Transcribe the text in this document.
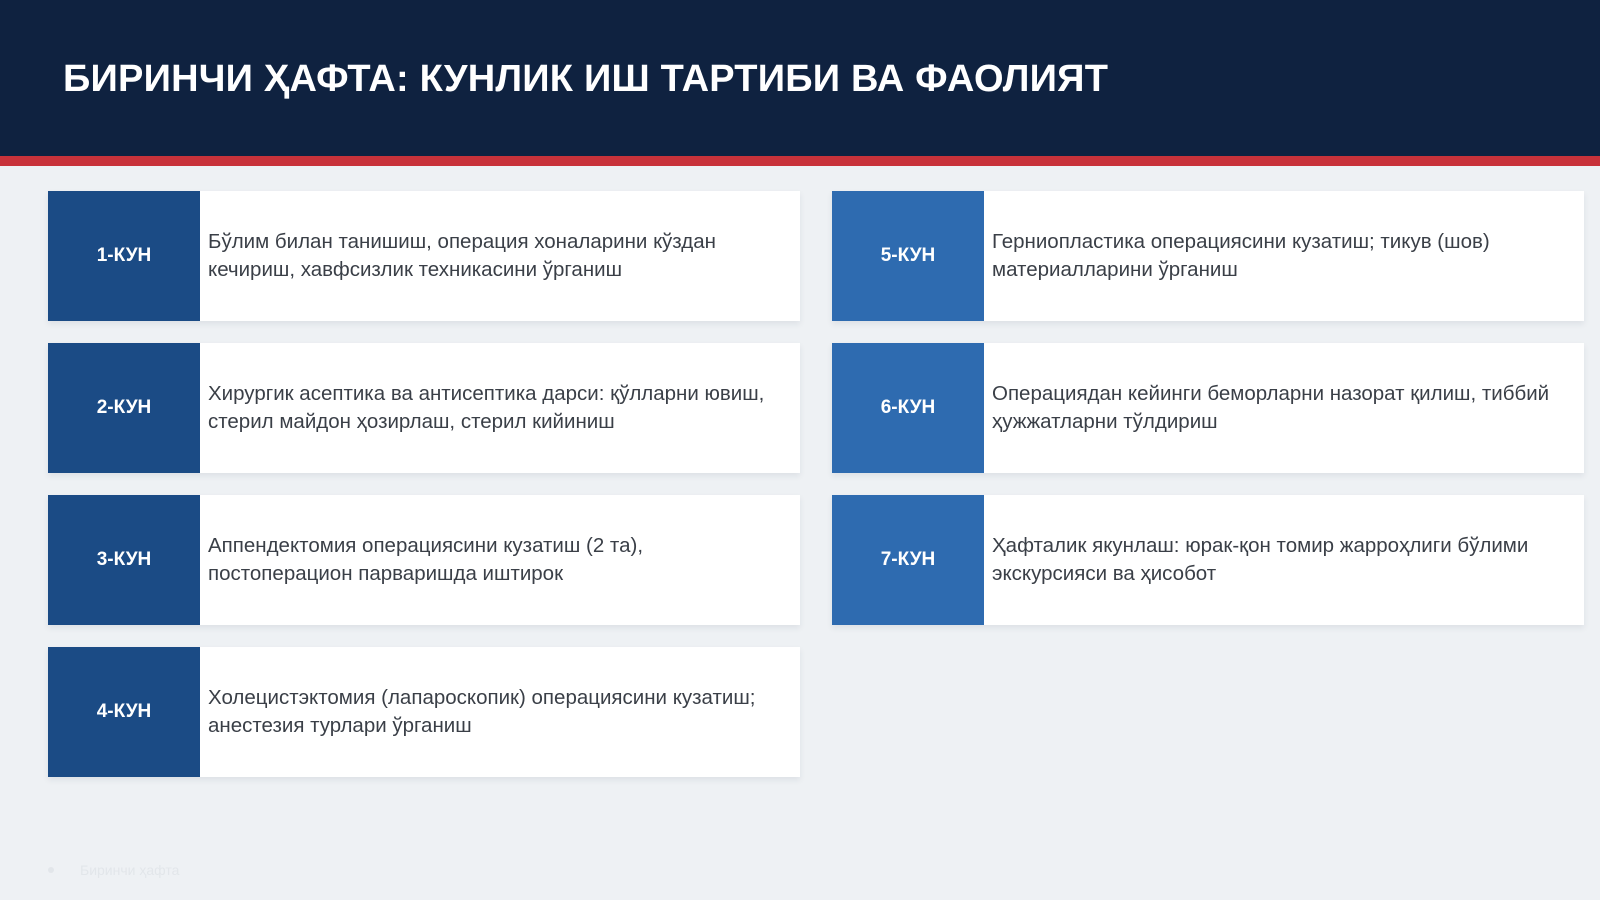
БИРИНЧИ ҲАФТА: КУНЛИК ИШ ТАРТИБИ ВА ФАОЛИЯТ
1-КУН
Бўлим билан танишиш, операция хоналарини кўздан кечириш, хавфсизлик техникасини ўрганиш
2-КУН
Хирургик асептика ва антисептика дарси: қўлларни ювиш, стерил майдон ҳозирлаш, стерил кийиниш
3-КУН
Аппендектомия операциясини кузатиш (2 та), постоперацион парваришда иштирок
4-КУН
Холецистэктомия (лапароскопик) операциясини кузатиш; анестезия турлари ўрганиш
5-КУН
Герниопластика операциясини кузатиш; тикув (шов) материалларини ўрганиш
6-КУН
Операциядан кейинги беморларни назорат қилиш, тиббий ҳужжатларни тўлдириш
7-КУН
Ҳафталик якунлаш: юрак-қон томир жарроҳлиги бўлими экскурсияси ва ҳисобот
Биринчи ҳафта
